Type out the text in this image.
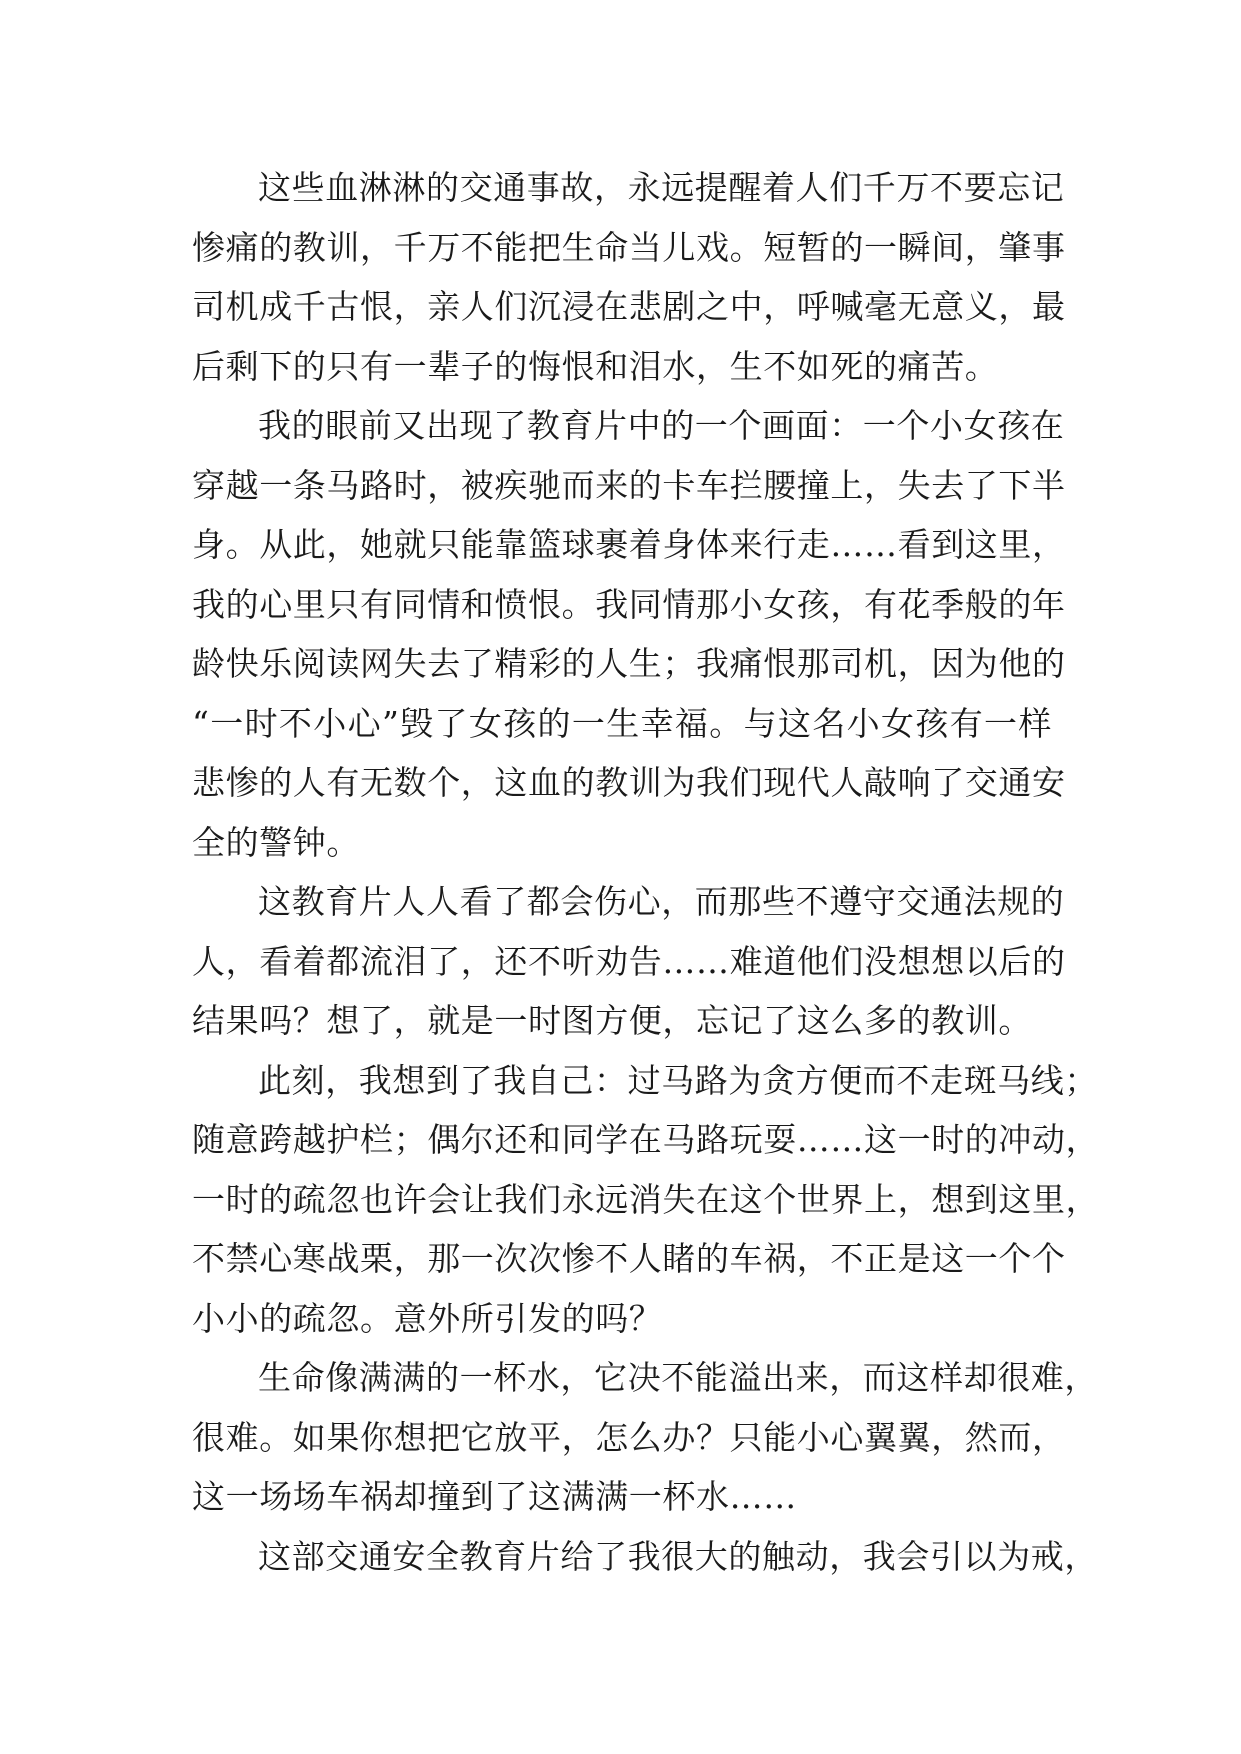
这些血淋淋的交通事故，永远提醒着人们千万不要忘记
惨痛的教训，千万不能把生命当儿戏。短暂的一瞬间，肇事
司机成千古恨，亲人们沉浸在悲剧之中，呼喊毫无意义，最
后剩下的只有一辈子的悔恨和泪水，生不如死的痛苦。

我的眼前又出现了教育片中的一个画面：一个小女孩在
穿越一条马路时，被疾驰而来的卡车拦腰撞上，失去了下半
身。从此，她就只能靠篮球裹着身体来行走……看到这里，
我的心里只有同情和愤恨。我同情那小女孩，有花季般的年
龄快乐阅读网失去了精彩的人生；我痛恨那司机，因为他的
“一时不小心”毁了女孩的一生幸福。与这名小女孩有一样
悲惨的人有无数个，这血的教训为我们现代人敲响了交通安
全的警钟。

这教育片人人看了都会伤心，而那些不遵守交通法规的
人，看着都流泪了，还不听劝告……难道他们没想想以后的
结果吗？想了，就是一时图方便，忘记了这么多的教训。

此刻，我想到了我自己：过马路为贪方便而不走斑马线；
随意跨越护栏；偶尔还和同学在马路玩耍……这一时的冲动，
一时的疏忽也许会让我们永远消失在这个世界上，想到这里，
不禁心寒战栗，那一次次惨不人睹的车祸，不正是这一个个
小小的疏忽。意外所引发的吗？

生命像满满的一杯水，它决不能溢出来，而这样却很难，
很难。如果你想把它放平，怎么办？只能小心翼翼，然而，
这一场场车祸却撞到了这满满一杯水……

这部交通安全教育片给了我很大的触动，我会引以为戒，
